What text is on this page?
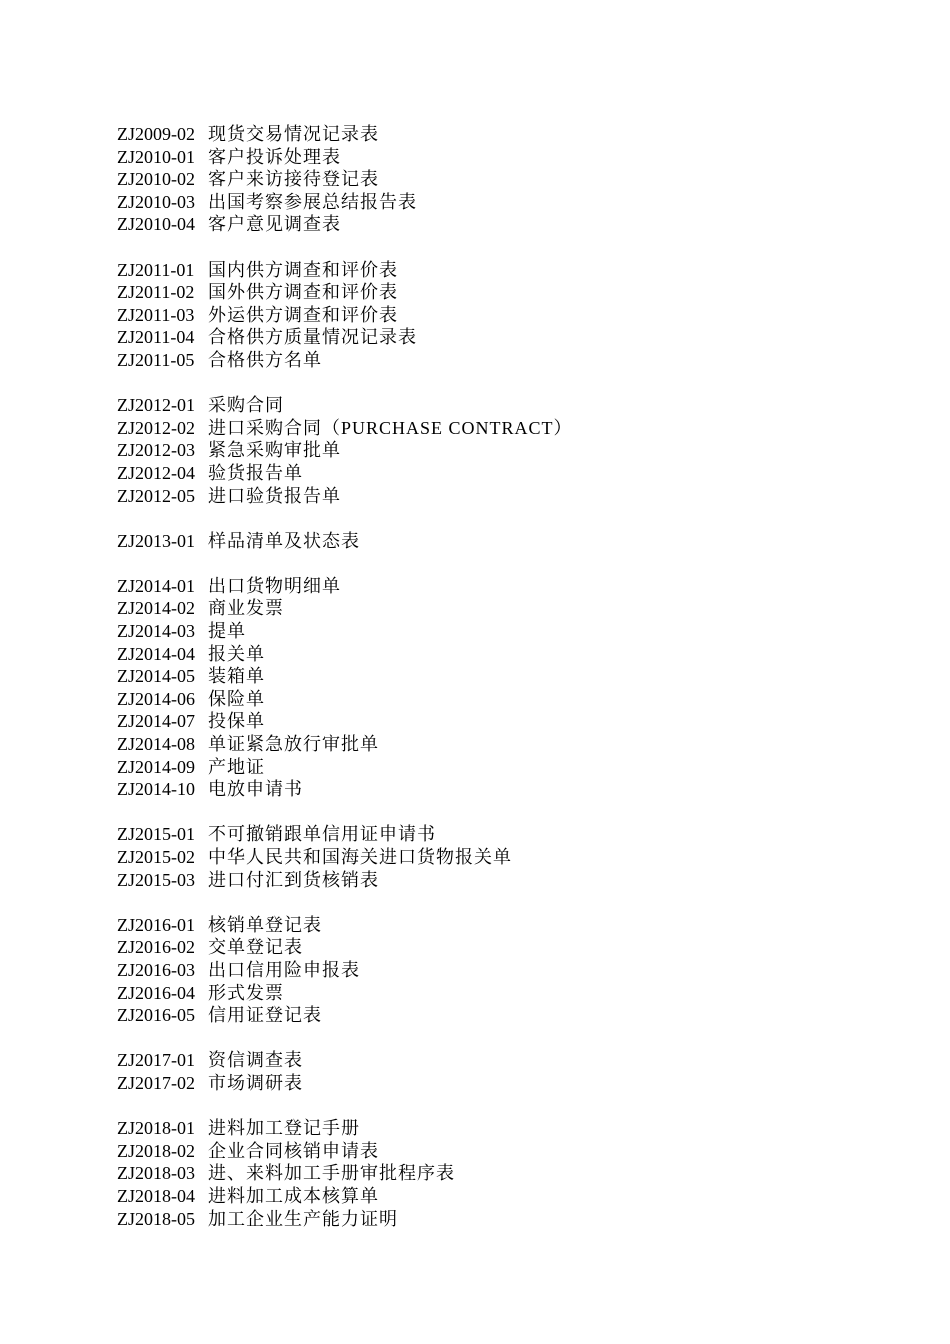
ZJ2009-02 现货交易情况记录表
ZJ2010-01 客户投诉处理表
ZJ2010-02 客户来访接待登记表
ZJ2010-03 出国考察参展总结报告表
ZJ2010-04 客户意见调查表
ZJ2011-01 国内供方调查和评价表
ZJ2011-02 国外供方调查和评价表
ZJ2011-03 外运供方调查和评价表
ZJ2011-04 合格供方质量情况记录表
ZJ2011-05 合格供方名单
ZJ2012-01 采购合同
ZJ2012-02 进口采购合同（PURCHASE CONTRACT）
ZJ2012-03 紧急采购审批单
ZJ2012-04 验货报告单
ZJ2012-05 进口验货报告单
ZJ2013-01 样品清单及状态表
ZJ2014-01 出口货物明细单
ZJ2014-02 商业发票
ZJ2014-03 提单
ZJ2014-04 报关单
ZJ2014-05 装箱单
ZJ2014-06 保险单
ZJ2014-07 投保单
ZJ2014-08 单证紧急放行审批单
ZJ2014-09 产地证
ZJ2014-10 电放申请书
ZJ2015-01 不可撤销跟单信用证申请书
ZJ2015-02 中华人民共和国海关进口货物报关单
ZJ2015-03 进口付汇到货核销表
ZJ2016-01 核销单登记表
ZJ2016-02 交单登记表
ZJ2016-03 出口信用险申报表
ZJ2016-04 形式发票
ZJ2016-05 信用证登记表
ZJ2017-01 资信调查表
ZJ2017-02 市场调研表
ZJ2018-01 进料加工登记手册
ZJ2018-02 企业合同核销申请表
ZJ2018-03 进、来料加工手册审批程序表
ZJ2018-04 进料加工成本核算单
ZJ2018-05 加工企业生产能力证明
